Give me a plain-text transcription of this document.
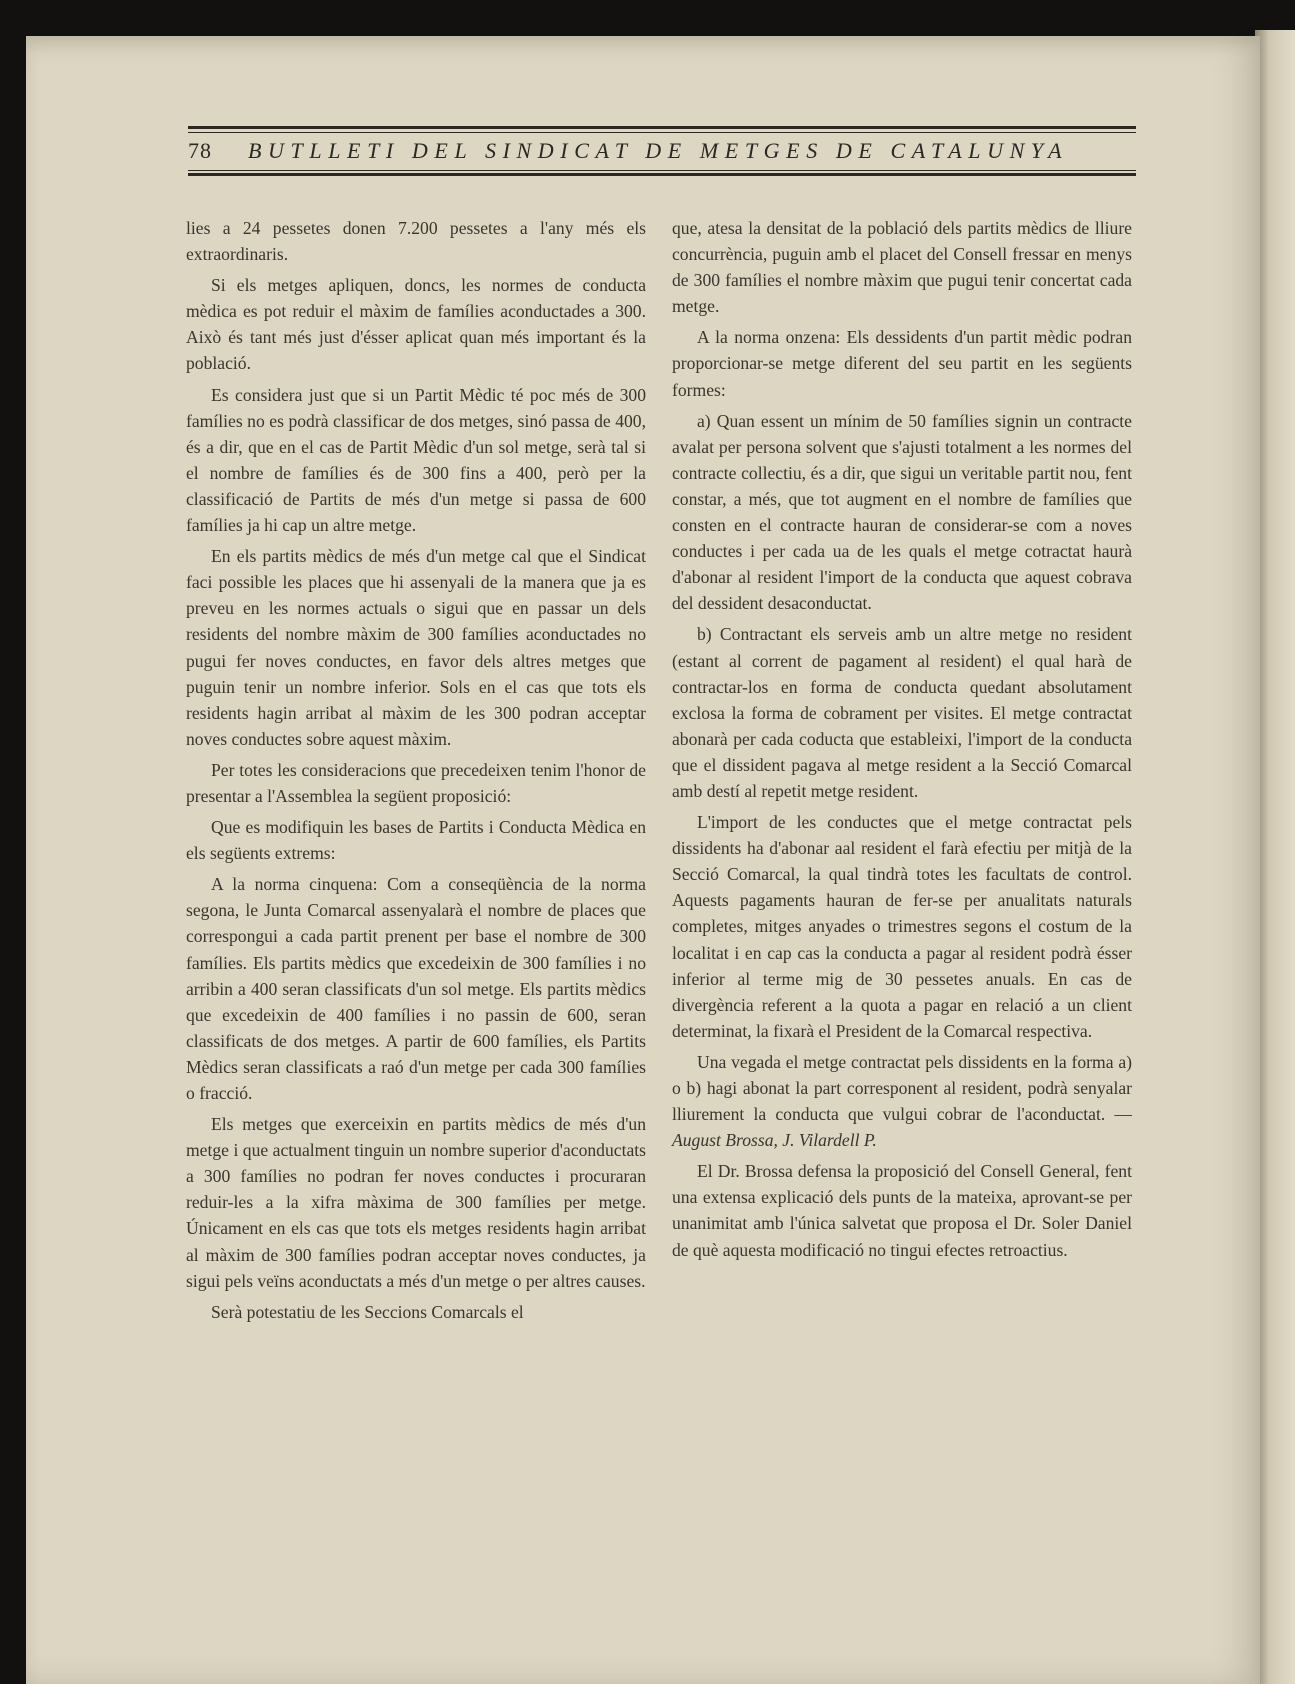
78 BUTLLETI DEL SINDICAT DE METGES DE CATALUNYA

lies a 24 pessetes donen 7.200 pessetes a l'any més els extraordinaris.

Si els metges apliquen, doncs, les normes de conducta mèdica es pot reduir el màxim de famílies aconductades a 300. Això és tant més just d'ésser aplicat quan més important és la població.

Es considera just que si un Partit Mèdic té poc més de 300 famílies no es podrà classificar de dos metges, sinó passa de 400, és a dir, que en el cas de Partit Mèdic d'un sol metge, serà tal si el nombre de famílies és de 300 fins a 400, però per la classificació de Partits de més d'un metge si passa de 600 famílies ja hi cap un altre metge.

En els partits mèdics de més d'un metge cal que el Sindicat faci possible les places que hi assenyali de la manera que ja es preveu en les normes actuals o sigui que en passar un dels residents del nombre màxim de 300 famílies aconductades no pugui fer noves conductes, en favor dels altres metges que puguin tenir un nombre inferior. Sols en el cas que tots els residents hagin arribat al màxim de les 300 podran acceptar noves conductes sobre aquest màxim.

Per totes les consideracions que precedeixen tenim l'honor de presentar a l'Assemblea la següent proposició:

Que es modifiquin les bases de Partits i Conducta Mèdica en els següents extrems:

A la norma cinquena: Com a conseqüència de la norma segona, le Junta Comarcal assenyalarà el nombre de places que correspongui a cada partit prenent per base el nombre de 300 famílies. Els partits mèdics que excedeixin de 300 famílies i no arribin a 400 seran classificats d'un sol metge. Els partits mèdics que excedeixin de 400 famílies i no passin de 600, seran classificats de dos metges. A partir de 600 famílies, els Partits Mèdics seran classificats a raó d'un metge per cada 300 famílies o fracció.

Els metges que exerceixin en partits mèdics de més d'un metge i que actualment tinguin un nombre superior d'aconductats a 300 famílies no podran fer noves conductes i procuraran reduir-les a la xifra màxima de 300 famílies per metge. Únicament en els cas que tots els metges residents hagin arribat al màxim de 300 famílies podran acceptar noves conductes, ja sigui pels veïns aconductats a més d'un metge o per altres causes.

Serà potestatiu de les Seccions Comarcals el

que, atesa la densitat de la població dels partits mèdics de lliure concurrència, puguin amb el placet del Consell fressar en menys de 300 famílies el nombre màxim que pugui tenir concertat cada metge.

A la norma onzena: Els dessidents d'un partit mèdic podran proporcionar-se metge diferent del seu partit en les següents formes:

a) Quan essent un mínim de 50 famílies signin un contracte avalat per persona solvent que s'ajusti totalment a les normes del contracte collectiu, és a dir, que sigui un veritable partit nou, fent constar, a més, que tot augment en el nombre de famílies que consten en el contracte hauran de considerar-se com a noves conductes i per cada ua de les quals el metge cotractat haurà d'abonar al resident l'import de la conducta que aquest cobrava del dessident desaconductat.

b) Contractant els serveis amb un altre metge no resident (estant al corrent de pagament al resident) el qual harà de contractar-los en forma de conducta quedant absolutament exclosa la forma de cobrament per visites. El metge contractat abonarà per cada coducta que estableixi, l'import de la conducta que el dissident pagava al metge resident a la Secció Comarcal amb destí al repetit metge resident.

L'import de les conductes que el metge contractat pels dissidents ha d'abonar aal resident el farà efectiu per mitjà de la Secció Comarcal, la qual tindrà totes les facultats de control. Aquests pagaments hauran de fer-se per anualitats naturals completes, mitges anyades o trimestres segons el costum de la localitat i en cap cas la conducta a pagar al resident podrà ésser inferior al terme mig de 30 pessetes anuals. En cas de divergència referent a la quota a pagar en relació a un client determinat, la fixarà el President de la Comarcal respectiva.

Una vegada el metge contractat pels dissidents en la forma a) o b) hagi abonat la part corresponent al resident, podrà senyalar lliurement la conducta que vulgui cobrar de l'aconductat. — August Brossa, J. Vilardell P.

El Dr. Brossa defensa la proposició del Consell General, fent una extensa explicació dels punts de la mateixa, aprovant-se per unanimitat amb l'única salvetat que proposa el Dr. Soler Daniel de què aquesta modificació no tingui efectes retroactius.
